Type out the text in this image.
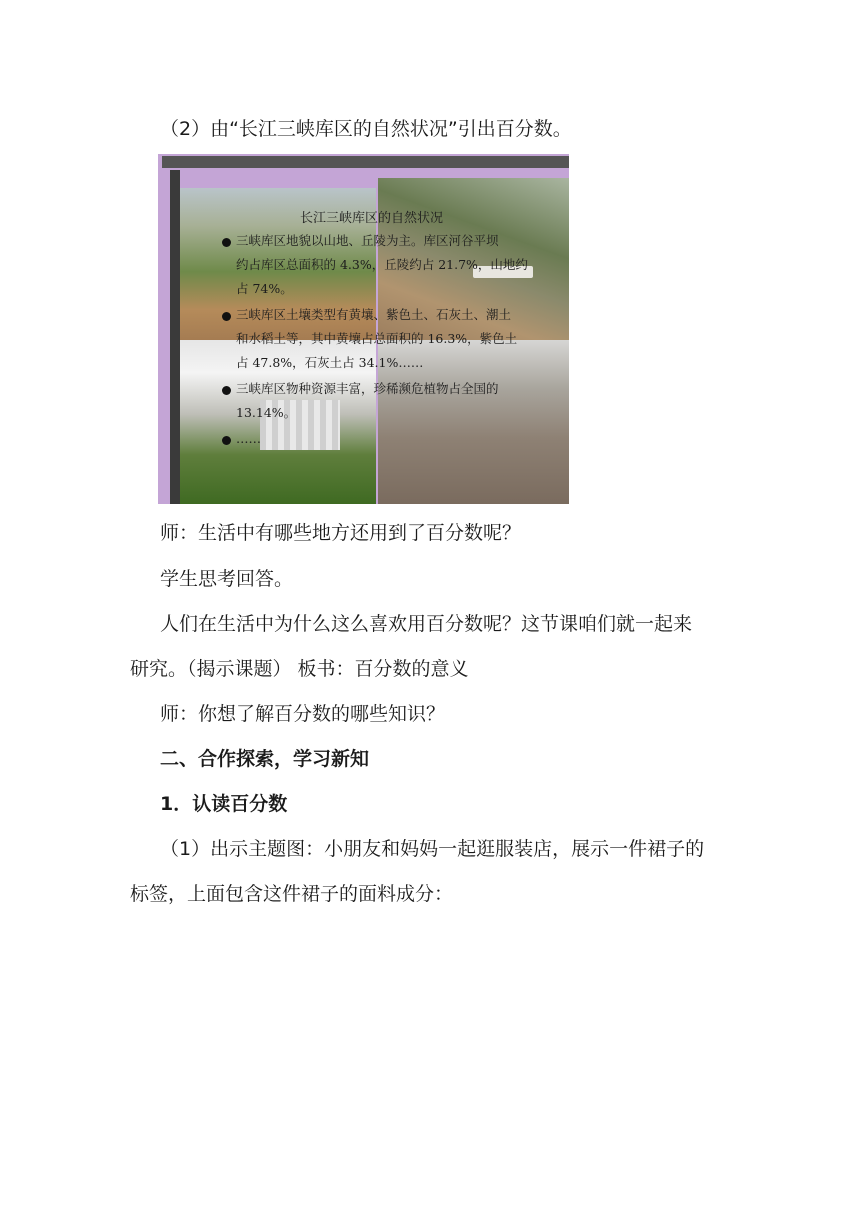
（2）由“长江三峡库区的自然状况”引出百分数。
长江三峡库区的自然状况
三峡库区地貌以山地、丘陵为主。库区河谷平坝
约占库区总面积的 4.3%，丘陵约占 21.7%，山地约
占 74%。
三峡库区土壤类型有黄壤、紫色土、石灰土、潮土
和水稻土等，其中黄壤占总面积的 16.3%，紫色土
占 47.8%，石灰土占 34.1%……
三峡库区物种资源丰富，珍稀濒危植物占全国的
13.14%。
……
师：生活中有哪些地方还用到了百分数呢？
学生思考回答。
人们在生活中为什么这么喜欢用百分数呢？这节课咱们就一起来
研究。（揭示课题） 板书：百分数的意义
师：你想了解百分数的哪些知识？
二、合作探索，学习新知
1．认读百分数
（1）出示主题图：小朋友和妈妈一起逛服装店，展示一件裙子的
标签，上面包含这件裙子的面料成分：
